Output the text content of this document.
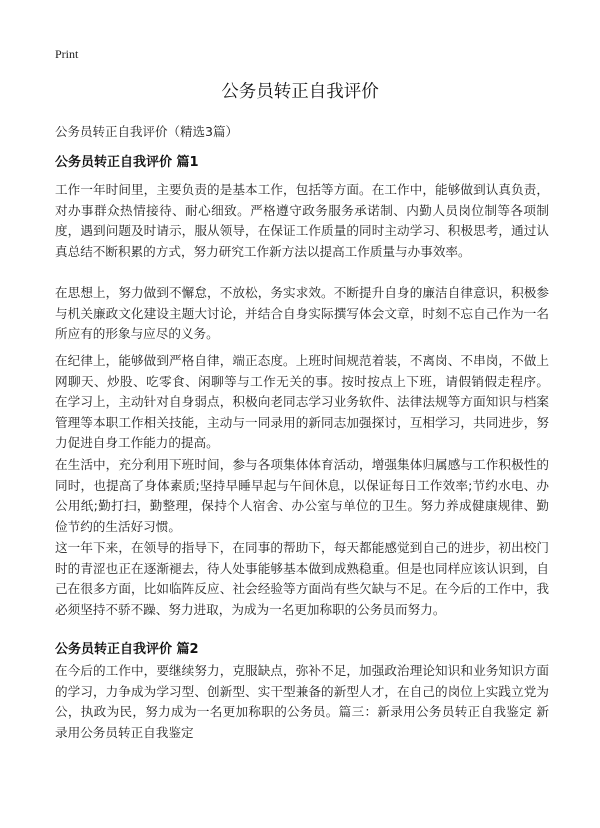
Print
公务员转正自我评价
公务员转正自我评价（精选3篇）
公务员转正自我评价 篇1

工作一年时间里，主要负责的是基本工作，包括等方面。在工作中，能够做到认真负责，对办事群众热情接待、耐心细致。严格遵守政务服务承诺制、内勤人员岗位制等各项制度，遇到问题及时请示，服从领导，在保证工作质量的同时主动学习、积极思考，通过认真总结不断积累的方式，努力研究工作新方法以提高工作质量与办事效率。

在思想上，努力做到不懈怠，不放松，务实求效。不断提升自身的廉洁自律意识，积极参与机关廉政文化建设主题大讨论，并结合自身实际撰写体会文章，时刻不忘自己作为一名所应有的形象与应尽的义务。

在纪律上，能够做到严格自律，端正态度。上班时间规范着装，不离岗、不串岗，不做上网聊天、炒股、吃零食、闲聊等与工作无关的事。按时按点上下班，请假销假走程序。 在学习上，主动针对自身弱点，积极向老同志学习业务软件、法律法规等方面知识与档案管理等本职工作相关技能，主动与一同录用的新同志加强探讨，互相学习，共同进步，努力促进自身工作能力的提高。

在生活中，充分利用下班时间，参与各项集体体育活动，增强集体归属感与工作积极性的同时，也提高了身体素质;坚持早睡早起与午间休息，以保证每日工作效率;节约水电、办公用纸;勤打扫，勤整理，保持个人宿舍、办公室与单位的卫生。努力养成健康规律、勤俭节约的生活好习惯。

这一年下来，在领导的指导下，在同事的帮助下，每天都能感觉到自己的进步，初出校门时的青涩也正在逐渐褪去，待人处事能够基本做到成熟稳重。但是也同样应该认识到，自己在很多方面，比如临阵反应、社会经验等方面尚有些欠缺与不足。在今后的工作中，我必须坚持不骄不躁、努力进取，为成为一名更加称职的公务员而努力。

公务员转正自我评价 篇2

在今后的工作中，要继续努力，克服缺点，弥补不足，加强政治理论知识和业务知识方面的学习，力争成为学习型、创新型、实干型兼备的新型人才，在自己的岗位上实践立党为公，执政为民，努力成为一名更加称职的公务员。篇三：新录用公务员转正自我鉴定 新录用公务员转正自我鉴定
